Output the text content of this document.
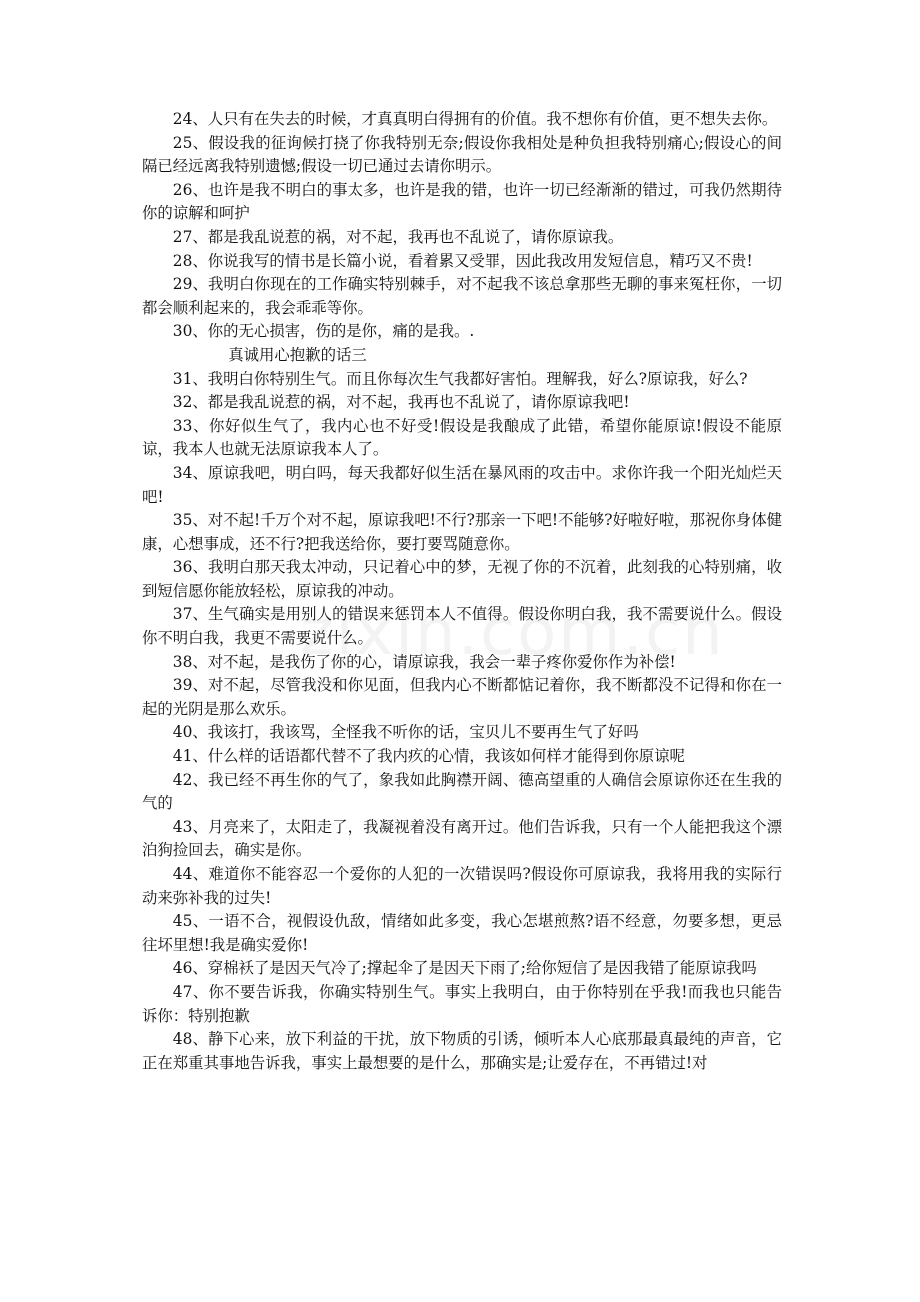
24、人只有在失去的时候，才真真明白得拥有的价值。我不想你有价值，更不想失去你。

25、假设我的征询候打挠了你我特别无奈;假设你我相处是种负担我特别痛心;假设心的间隔已经远离我特别遗憾;假设一切已通过去请你明示。

26、也许是我不明白的事太多，也许是我的错，也许一切已经渐渐的错过，可我仍然期待你的谅解和呵护

27、都是我乱说惹的祸，对不起，我再也不乱说了，请你原谅我。

28、你说我写的情书是长篇小说，看着累又受罪，因此我改用发短信息，精巧又不贵!

29、我明白你现在的工作确实特别棘手，对不起我不该总拿那些无聊的事来冤枉你，一切都会顺利起来的，我会乖乖等你。

30、你的无心损害，伤的是你，痛的是我。.

真诚用心抱歉的话三

31、我明白你特别生气。而且你每次生气我都好害怕。理解我，好么?原谅我，好么?

32、都是我乱说惹的祸，对不起，我再也不乱说了，请你原谅我吧!

33、你好似生气了，我内心也不好受!假设是我酿成了此错，希望你能原谅!假设不能原谅，我本人也就无法原谅我本人了。

34、原谅我吧，明白吗，每天我都好似生活在暴风雨的攻击中。求你许我一个阳光灿烂天吧!

35、对不起!千万个对不起，原谅我吧!不行?那亲一下吧!不能够?好啦好啦，那祝你身体健康，心想事成，还不行?把我送给你，要打要骂随意你。

36、我明白那天我太冲动，只记着心中的梦，无视了你的不沉着，此刻我的心特别痛，收到短信愿你能放轻松，原谅我的冲动。

37、生气确实是用别人的错误来惩罚本人不值得。假设你明白我，我不需要说什么。假设你不明白我，我更不需要说什么。

38、对不起，是我伤了你的心，请原谅我，我会一辈子疼你爱你作为补偿!

39、对不起，尽管我没和你见面，但我内心不断都惦记着你，我不断都没不记得和你在一起的光阴是那么欢乐。

40、我该打，我该骂，全怪我不听你的话，宝贝儿不要再生气了好吗

41、什么样的话语都代替不了我内疚的心情，我该如何样才能得到你原谅呢

42、我已经不再生你的气了，象我如此胸襟开阔、德高望重的人确信会原谅你还在生我的气的

43、月亮来了，太阳走了，我凝视着没有离开过。他们告诉我，只有一个人能把我这个漂泊狗捡回去，确实是你。

44、难道你不能容忍一个爱你的人犯的一次错误吗?假设你可原谅我，我将用我的实际行动来弥补我的过失!

45、一语不合，视假设仇敌，情绪如此多变，我心怎堪煎熬?语不经意，勿要多想，更忌往坏里想!我是确实爱你!

46、穿棉袄了是因天气冷了;撑起伞了是因天下雨了;给你短信了是因我错了能原谅我吗

47、你不要告诉我，你确实特别生气。事实上我明白，由于你特别在乎我!而我也只能告诉你：特别抱歉

48、静下心来，放下利益的干扰，放下物质的引诱，倾听本人心底那最真最纯的声音，它正在郑重其事地告诉我，事实上最想要的是什么，那确实是;让爱存在，不再错过!对
